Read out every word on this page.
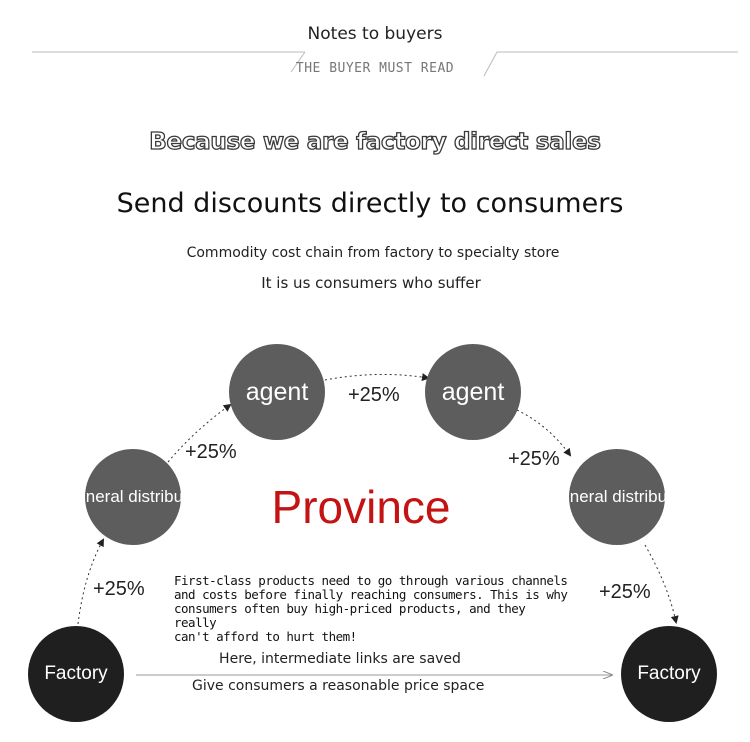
Notes to buyers
THE BUYER MUST READ
Because we are factory direct sales
Send discounts directly to consumers
Commodity cost chain from factory to specialty store
It is us consumers who suffer
agent	agent
General distributor	General distributor
Factory	Factory
+25%
+25%
+25%
+25%
+25%
Province
First-class products need to go through various channels
and costs before finally reaching consumers. This is why
consumers often buy high-priced products, and they really
can't afford to hurt them!
Here, intermediate links are saved
Give consumers a reasonable price space
